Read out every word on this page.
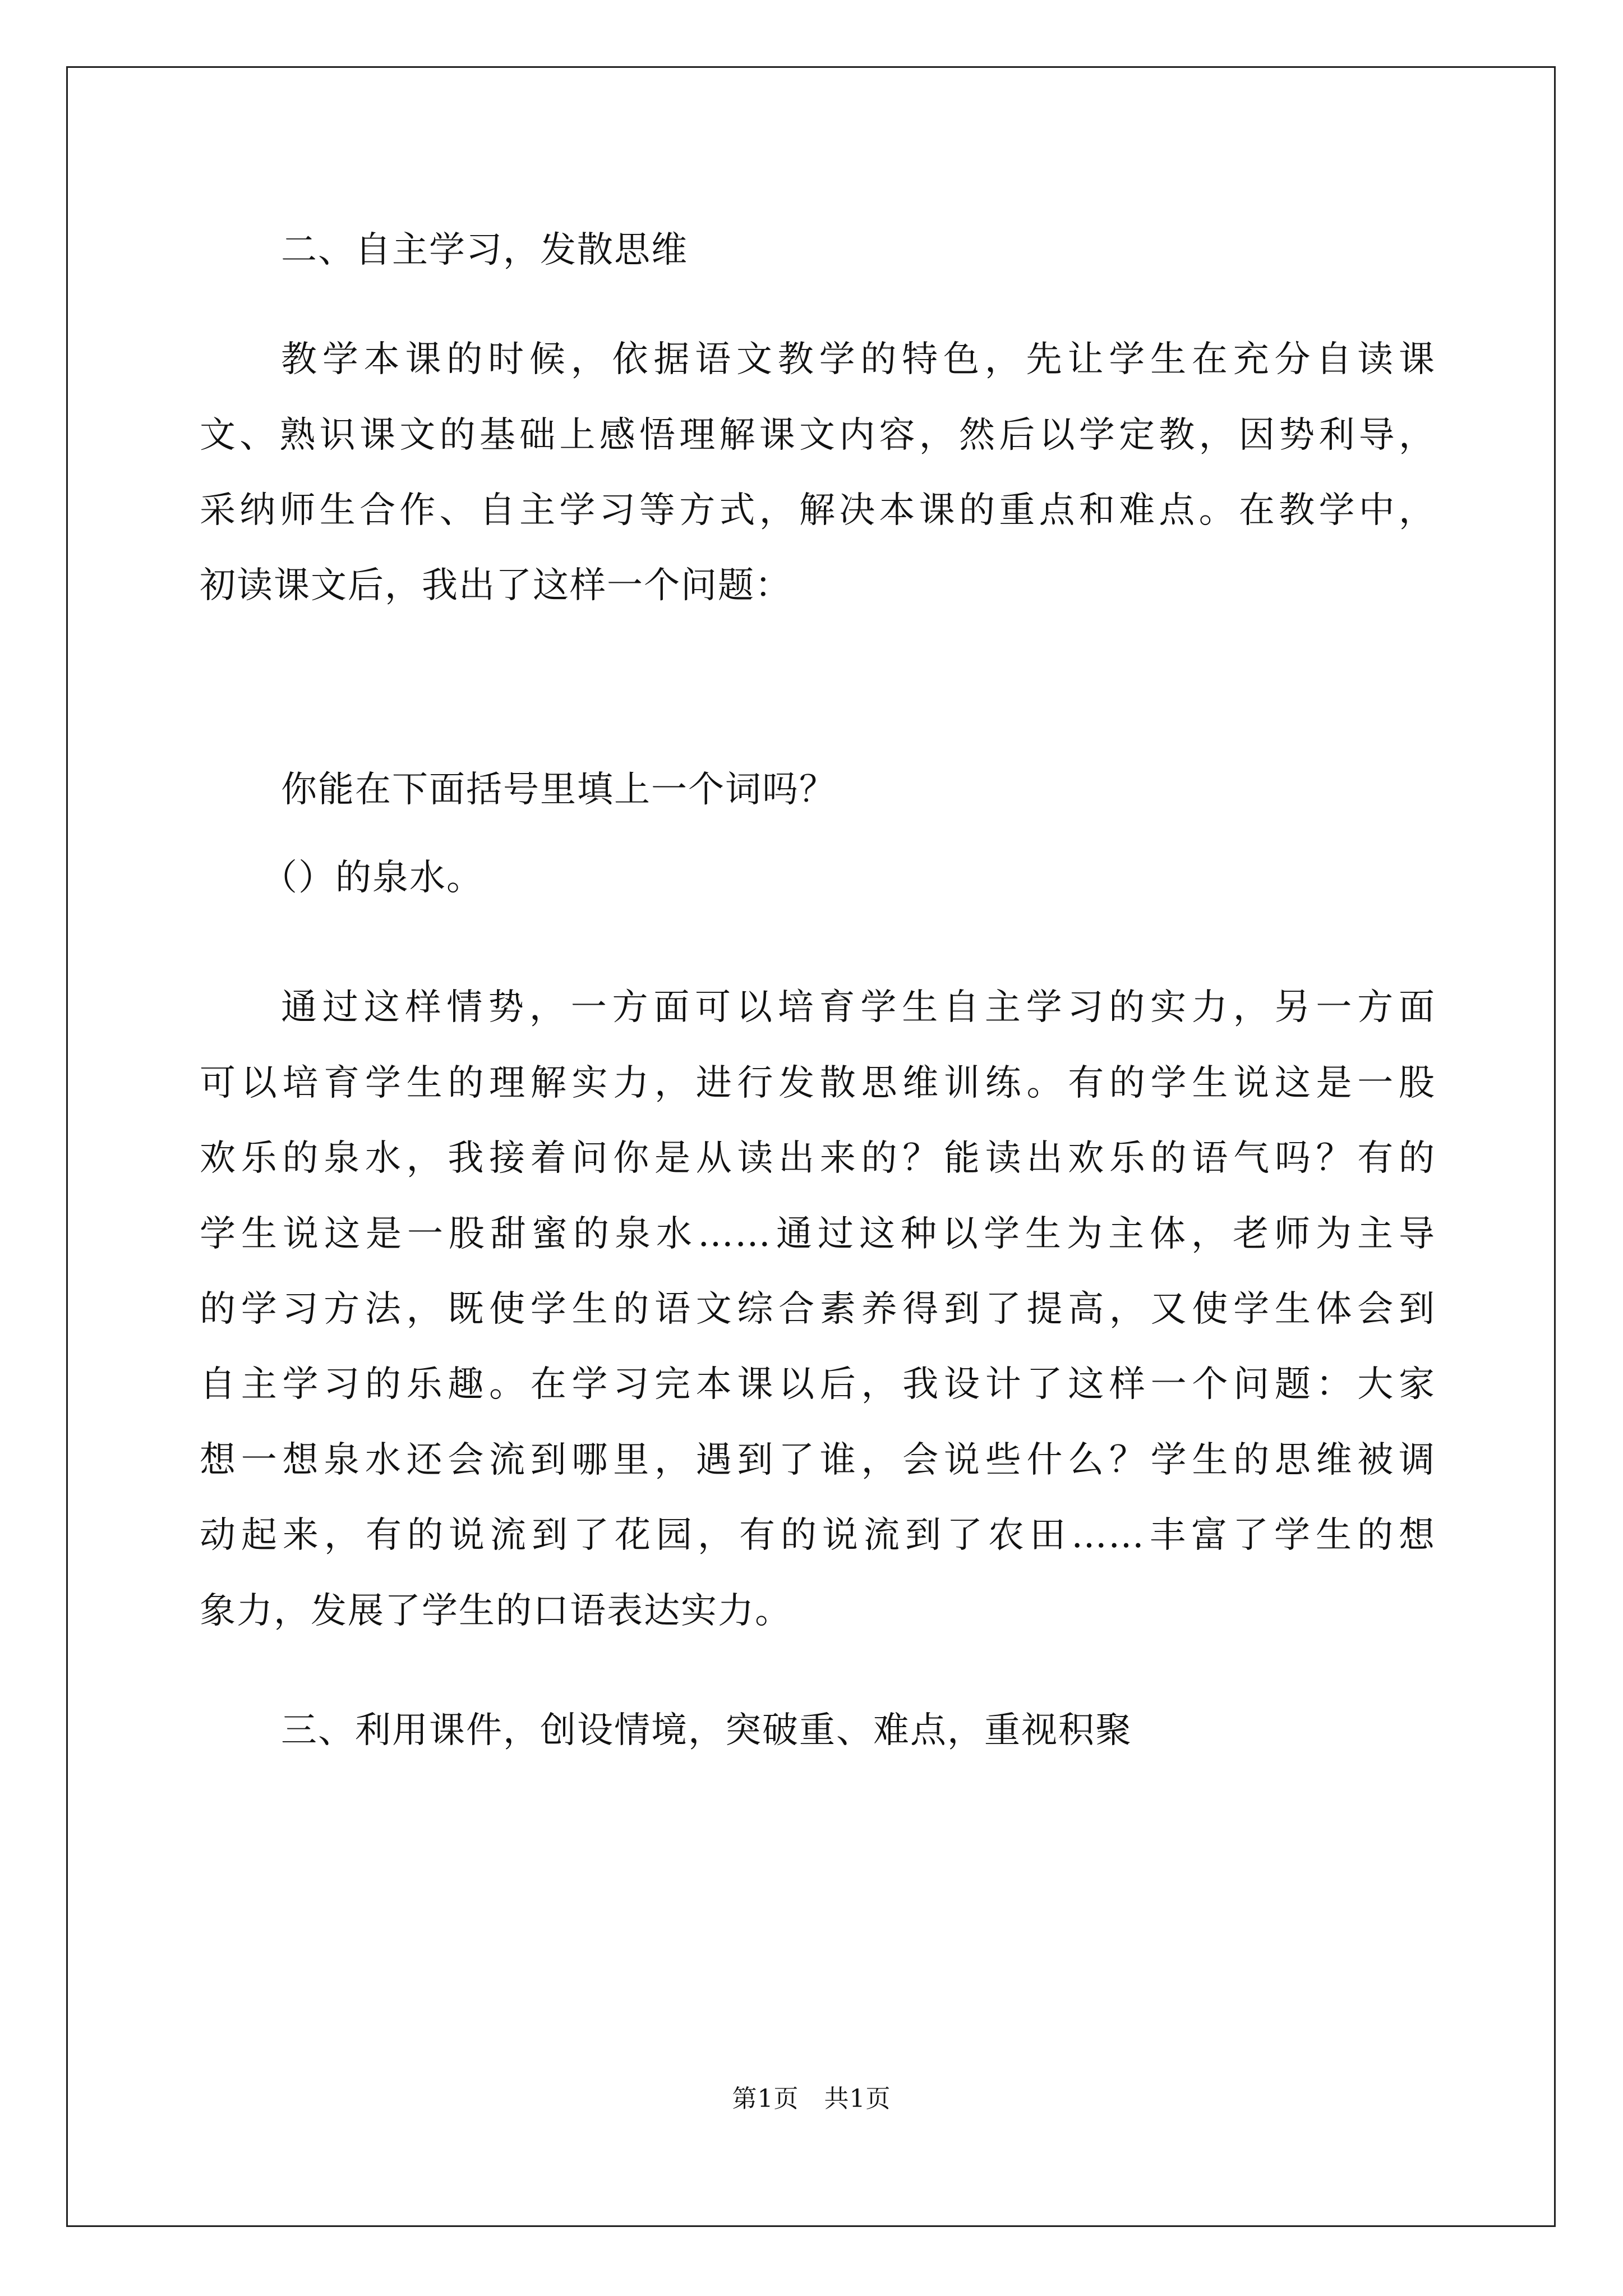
二、自主学习，发散思维
教学本课的时候，依据语文教学的特色，先让学生在充分自读课
文、熟识课文的基础上感悟理解课文内容，然后以学定教，因势利导，
采纳师生合作、自主学习等方式，解决本课的重点和难点。在教学中，
初读课文后，我出了这样一个问题：
你能在下面括号里填上一个词吗？
（）的泉水。
通过这样情势，一方面可以培育学生自主学习的实力，另一方面
可以培育学生的理解实力，进行发散思维训练。有的学生说这是一股
欢乐的泉水，我接着问你是从读出来的？能读出欢乐的语气吗？有的
学生说这是一股甜蜜的泉水……通过这种以学生为主体，老师为主导
的学习方法，既使学生的语文综合素养得到了提高，又使学生体会到
自主学习的乐趣。在学习完本课以后，我设计了这样一个问题：大家
想一想泉水还会流到哪里，遇到了谁，会说些什么？学生的思维被调
动起来，有的说流到了花园，有的说流到了农田……丰富了学生的想
象力，发展了学生的口语表达实力。
三、利用课件，创设情境，突破重、难点，重视积聚
第1页　共1页
